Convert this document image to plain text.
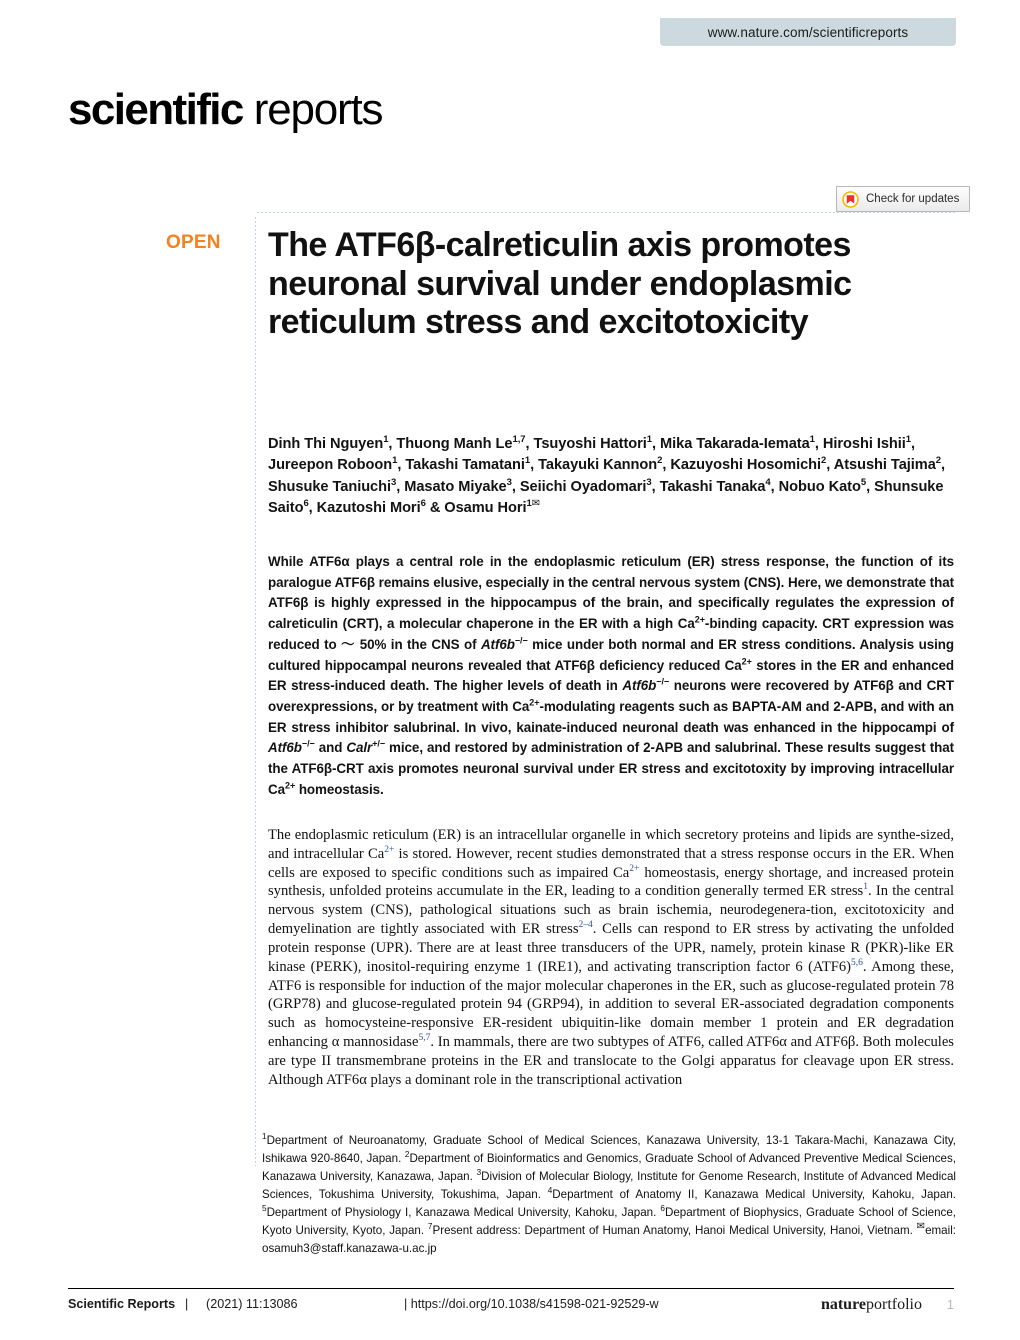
www.nature.com/scientificreports
scientific reports
Check for updates
OPEN The ATF6β-calreticulin axis promotes neuronal survival under endoplasmic reticulum stress and excitotoxicity
Dinh Thi Nguyen$^1$, Thuong Manh Le$^{1,7}$, Tsuyoshi Hattori$^1$, Mika Takarada-Iemata$^1$, Hiroshi Ishii$^1$, Jureepon Roboon$^1$, Takashi Tamatani$^1$, Takayuki Kannon$^2$, Kazuyoshi Hosomichi$^2$, Atsushi Tajima$^2$, Shusuke Taniuchi$^3$, Masato Miyake$^3$, Seiichi Oyadomari$^3$, Takashi Tanaka$^4$, Nobuo Kato$^5$, Shunsuke Saito$^6$, Kazutoshi Mori$^6$ & Osamu Hori$^{1✉}$
While ATF6α plays a central role in the endoplasmic reticulum (ER) stress response, the function of its paralogue ATF6β remains elusive, especially in the central nervous system (CNS). Here, we demonstrate that ATF6β is highly expressed in the hippocampus of the brain, and specifically regulates the expression of calreticulin (CRT), a molecular chaperone in the ER with a high $Ca^{2+}$-binding capacity. CRT expression was reduced to ～ 50% in the CNS of Atf6b−/− mice under both normal and ER stress conditions. Analysis using cultured hippocampal neurons revealed that ATF6β deficiency reduced $Ca^{2+}$ stores in the ER and enhanced ER stress-induced death. The higher levels of death in Atf6b−/− neurons were recovered by ATF6β and CRT overexpressions, or by treatment with $Ca^{2+}$-modulating reagents such as BAPTA-AM and 2-APB, and with an ER stress inhibitor salubrinal. In vivo, kainate-induced neuronal death was enhanced in the hippocampi of Atf6b−/− and Calr+/− mice, and restored by administration of 2-APB and salubrinal. These results suggest that the ATF6β-CRT axis promotes neuronal survival under ER stress and excitotoxity by improving intracellular $Ca^{2+}$ homeostasis.
The endoplasmic reticulum (ER) is an intracellular organelle in which secretory proteins and lipids are synthe-sized, and intracellular $Ca^{2+}$ is stored. However, recent studies demonstrated that a stress response occurs in the ER. When cells are exposed to specific conditions such as impaired $Ca^{2+}$ homeostasis, energy shortage, and increased protein synthesis, unfolded proteins accumulate in the ER, leading to a condition generally termed ER stress$^1$. In the central nervous system (CNS), pathological situations such as brain ischemia, neurodegenera-tion, excitotoxicity and demyelination are tightly associated with ER stress$^{2-4}$. Cells can respond to ER stress by activating the unfolded protein response (UPR). There are at least three transducers of the UPR, namely, protein kinase R (PKR)-like ER kinase (PERK), inositol-requiring enzyme 1 (IRE1), and activating transcription factor 6 $(ATF6)^{5,6}$. Among these, ATF6 is responsible for induction of the major molecular chaperones in the ER, such as glucose-regulated protein 78 (GRP78) and glucose-regulated protein 94 (GRP94), in addition to several ER-associated degradation components such as homocysteine-responsive ER-resident ubiquitin-like domain member 1 protein and ER degradation enhancing α mannosidase$^{5,7}$. In mammals, there are two subtypes of ATF6, called ATF6α and ATF6β. Both molecules are type II transmembrane proteins in the ER and translocate to the Golgi apparatus for cleavage upon ER stress. Although ATF6α plays a dominant role in the transcriptional activation
$^1$Department of Neuroanatomy, Graduate School of Medical Sciences, Kanazawa University, 13-1 Takara-Machi, Kanazawa City, Ishikawa 920-8640, Japan. $^2$Department of Bioinformatics and Genomics, Graduate School of Advanced Preventive Medical Sciences, Kanazawa University, Kanazawa, Japan. $^3$Division of Molecular Biology, Institute for Genome Research, Institute of Advanced Medical Sciences, Tokushima University, Tokushima, Japan. $^4$Department of Anatomy II, Kanazawa Medical University, Kahoku, Japan. $^5$Department of Physiology I, Kanazawa Medical University, Kahoku, Japan. $^6$Department of Biophysics, Graduate School of Science, Kyoto University, Kyoto, Japan. $^7$Present address: Department of Human Anatomy, Hanoi Medical University, Hanoi, Vietnam. ✉email: osamuh3@staff.kanazawa-u.ac.jp
Scientific Reports | (2021) 11:13086	| https://doi.org/10.1038/s41598-021-92529-w	natureportfolio 1
